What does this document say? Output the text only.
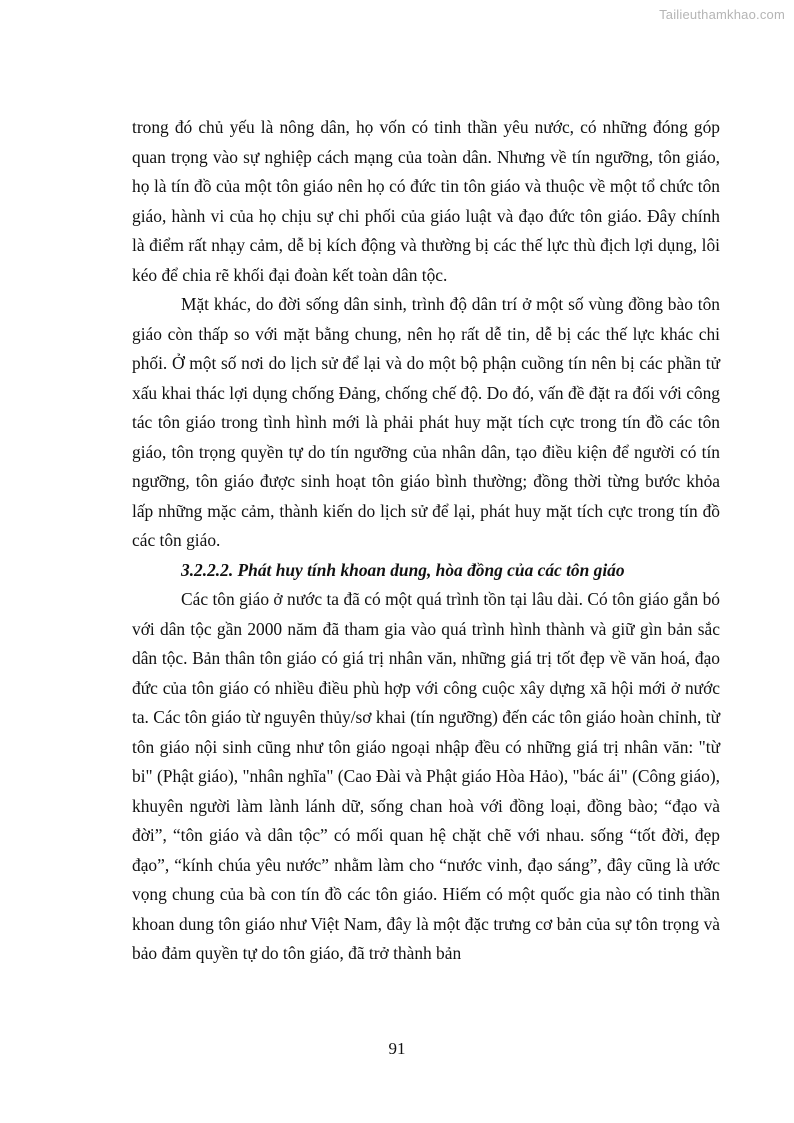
Tailieuthamkhao.com

trong đó chủ yếu là nông dân, họ vốn có tinh thần yêu nước, có những đóng góp quan trọng vào sự nghiệp cách mạng của toàn dân. Nhưng về tín ngưỡng, tôn giáo, họ là tín đồ của một tôn giáo nên họ có đức tin tôn giáo và thuộc về một tổ chức tôn giáo, hành vi của họ chịu sự chi phối của giáo luật và đạo đức tôn giáo. Đây chính là điểm rất nhạy cảm, dễ bị kích động và thường bị các thế lực thù địch lợi dụng, lôi kéo để chia rẽ khối đại đoàn kết toàn dân tộc.

Mặt khác, do đời sống dân sinh, trình độ dân trí ở một số vùng đồng bào tôn giáo còn thấp so với mặt bằng chung, nên họ rất dễ tin, dễ bị các thế lực khác chi phối. Ở một số nơi do lịch sử để lại và do một bộ phận cuồng tín nên bị các phần tử xấu khai thác lợi dụng chống Đảng, chống chế độ. Do đó, vấn đề đặt ra đối với công tác tôn giáo trong tình hình mới là phải phát huy mặt tích cực trong tín đồ các tôn giáo, tôn trọng quyền tự do tín ngưỡng của nhân dân, tạo điều kiện để người có tín ngưỡng, tôn giáo được sinh hoạt tôn giáo bình thường; đồng thời từng bước khỏa lấp những mặc cảm, thành kiến do lịch sử để lại, phát huy mặt tích cực trong tín đồ các tôn giáo.

3.2.2.2. Phát huy tính khoan dung, hòa đồng của các tôn giáo

Các tôn giáo ở nước ta đã có một quá trình tồn tại lâu dài. Có tôn giáo gắn bó với dân tộc gần 2000 năm đã tham gia vào quá trình hình thành và giữ gìn bản sắc dân tộc. Bản thân tôn giáo có giá trị nhân văn, những giá trị tốt đẹp về văn hoá, đạo đức của tôn giáo có nhiều điều phù hợp với công cuộc xây dựng xã hội mới ở nước ta. Các tôn giáo từ nguyên thủy/sơ khai (tín ngưỡng) đến các tôn giáo hoàn chỉnh, từ tôn giáo nội sinh cũng như tôn giáo ngoại nhập đều có những giá trị nhân văn: "từ bi" (Phật giáo), "nhân nghĩa" (Cao Đài và Phật giáo Hòa Hảo), "bác ái" (Công giáo), khuyên người làm lành lánh dữ, sống chan hoà với đồng loại, đồng bào; “đạo và đời”, “tôn giáo và dân tộc” có mối quan hệ chặt chẽ với nhau. sống “tốt đời, đẹp đạo”, “kính chúa yêu nước” nhằm làm cho “nước vinh, đạo sáng”, đây cũng là ước vọng chung của bà con tín đồ các tôn giáo. Hiếm có một quốc gia nào có tinh thần khoan dung tôn giáo như Việt Nam, đây là một đặc trưng cơ bản của sự tôn trọng và bảo đảm quyền tự do tôn giáo, đã trở thành bản

91
